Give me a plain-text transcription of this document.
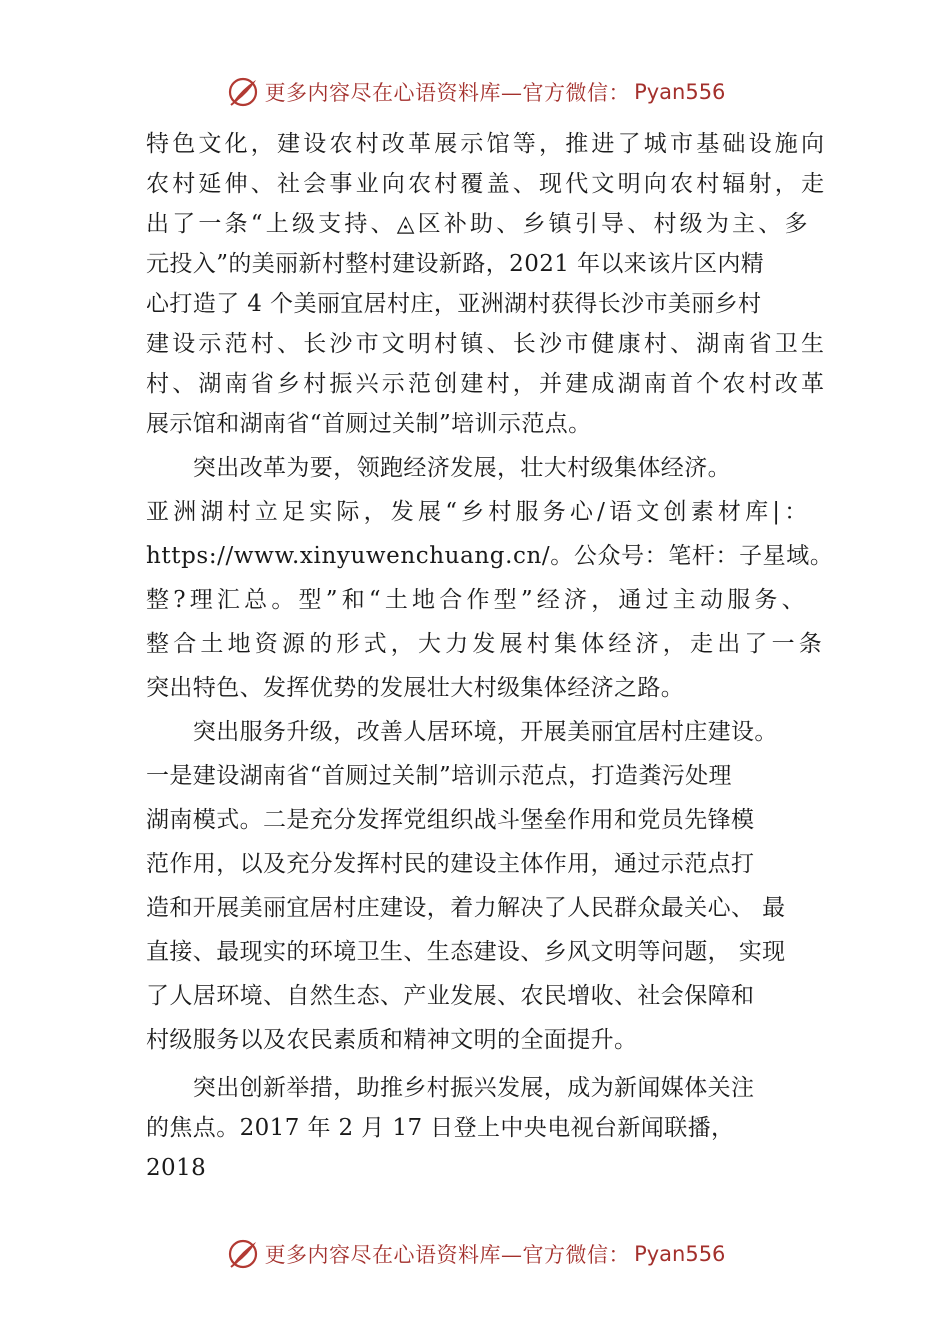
更多内容尽在心语资料库—官方微信： Pyan556
特色文化，建设农村改革展示馆等，推进了城市基础设施向
农村延伸、社会事业向农村覆盖、现代文明向农村辐射，走
出了一条“上级支持、◬区补助、乡镇引导、村级为主、多
元投入”的美丽新村整村建设新路，2021 年以来该片区内精
心打造了 4 个美丽宜居村庄，亚洲湖村获得长沙市美丽乡村
建设示范村、长沙市文明村镇、长沙市健康村、湖南省卫生
村、湖南省乡村振兴示范创建村，并建成湖南首个农村改革
展示馆和湖南省“首厕过关制”培训示范点。
　　突出改革为要，领跑经济发展，壮大村级集体经济。
亚洲湖村立足实际，发展“乡村服务心/语文创素材库|：
https://www.xinyuwenchuang.cn/。公众号：笔杆：子星域。
整?理汇总。型”和“土地合作型”经济，通过主动服务、
整合土地资源的形式，大力发展村集体经济，走出了一条
突出特色、发挥优势的发展壮大村级集体经济之路。
　　突出服务升级，改善人居环境，开展美丽宜居村庄建设。
一是建设湖南省“首厕过关制”培训示范点，打造粪污处理
湖南模式。二是充分发挥党组织战斗堡垒作用和党员先锋模
范作用，以及充分发挥村民的建设主体作用，通过示范点打
造和开展美丽宜居村庄建设，着力解决了人民群众最关心、 最
直接、最现实的环境卫生、生态建设、乡风文明等问题， 实现
了人居环境、自然生态、产业发展、农民增收、社会保障和
村级服务以及农民素质和精神文明的全面提升。
　　突出创新举措，助推乡村振兴发展，成为新闻媒体关注
的焦点。2017 年 2 月 17 日登上中央电视台新闻联播，
2018
更多内容尽在心语资料库—官方微信： Pyan556
